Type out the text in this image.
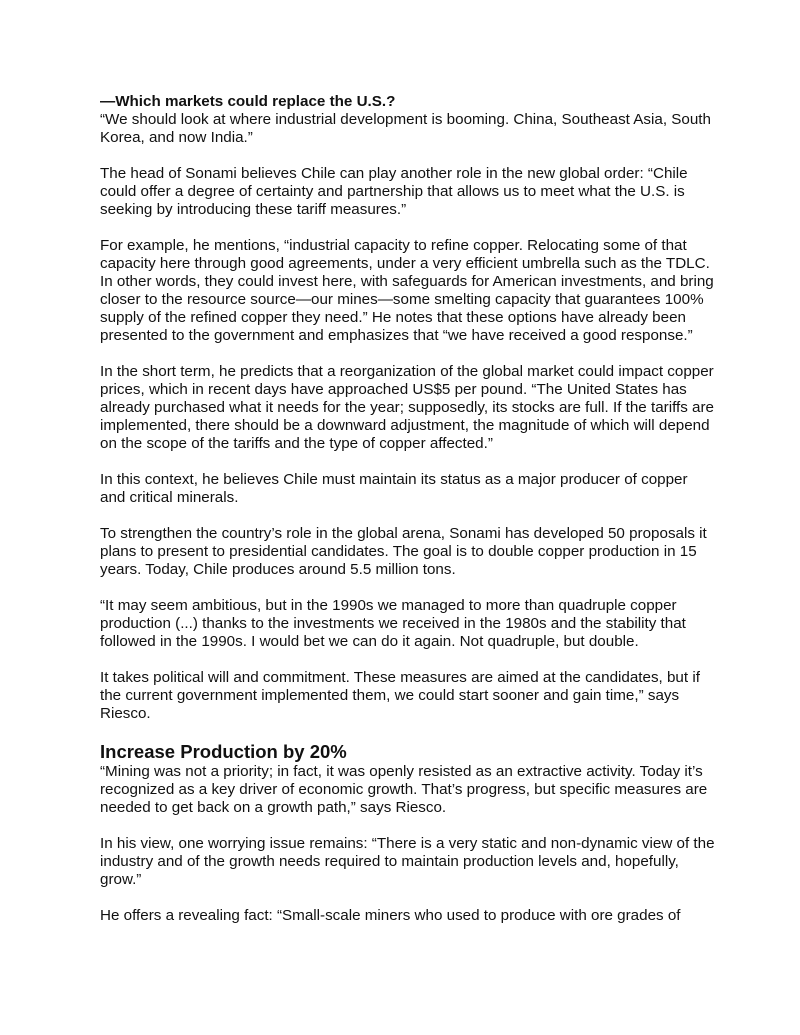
—Which markets could replace the U.S.?

“We should look at where industrial development is booming. China, Southeast Asia, South Korea, and now India.”

The head of Sonami believes Chile can play another role in the new global order: “Chile could offer a degree of certainty and partnership that allows us to meet what the U.S. is seeking by introducing these tariff measures.”

For example, he mentions, “industrial capacity to refine copper. Relocating some of that capacity here through good agreements, under a very efficient umbrella such as the TDLC. In other words, they could invest here, with safeguards for American investments, and bring closer to the resource source—our mines—some smelting capacity that guarantees 100% supply of the refined copper they need.” He notes that these options have already been presented to the government and emphasizes that “we have received a good response.”

In the short term, he predicts that a reorganization of the global market could impact copper prices, which in recent days have approached US$5 per pound. “The United States has already purchased what it needs for the year; supposedly, its stocks are full. If the tariffs are implemented, there should be a downward adjustment, the magnitude of which will depend on the scope of the tariffs and the type of copper affected.”

In this context, he believes Chile must maintain its status as a major producer of copper and critical minerals.

To strengthen the country’s role in the global arena, Sonami has developed 50 proposals it plans to present to presidential candidates. The goal is to double copper production in 15 years. Today, Chile produces around 5.5 million tons.

“It may seem ambitious, but in the 1990s we managed to more than quadruple copper production (...) thanks to the investments we received in the 1980s and the stability that followed in the 1990s. I would bet we can do it again. Not quadruple, but double.

It takes political will and commitment. These measures are aimed at the candidates, but if the current government implemented them, we could start sooner and gain time,” says Riesco.

Increase Production by 20%

“Mining was not a priority; in fact, it was openly resisted as an extractive activity. Today it’s recognized as a key driver of economic growth. That’s progress, but specific measures are needed to get back on a growth path,” says Riesco.

In his view, one worrying issue remains: “There is a very static and non-dynamic view of the industry and of the growth needs required to maintain production levels and, hopefully, grow.”

He offers a revealing fact: “Small-scale miners who used to produce with ore grades of
